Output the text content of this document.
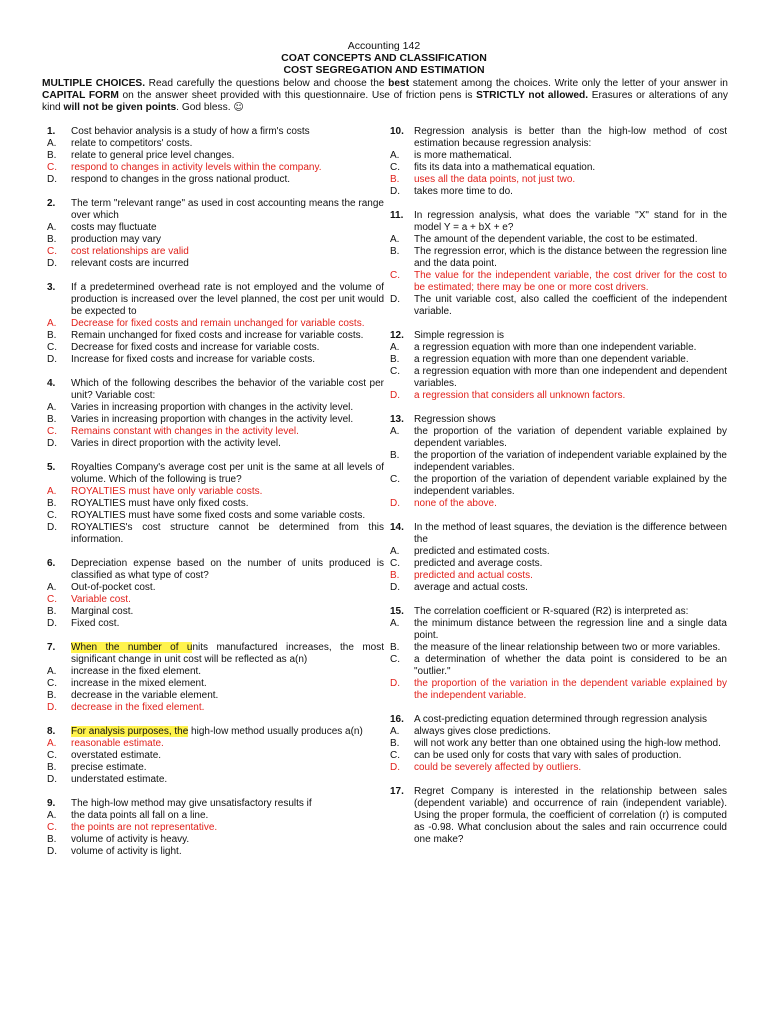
Accounting 142
COAT CONCEPTS AND CLASSIFICATION
COST SEGREGATION AND ESTIMATION
MULTIPLE CHOICES. Read carefully the questions below and choose the best statement among the choices. Write only the letter of your answer in CAPITAL FORM on the answer sheet provided with this questionnaire. Use of friction pens is STRICTLY not allowed. Erasures or alterations of any kind will not be given points. God bless. ☺
1.	Cost behavior analysis is a study of how a firm's costs
A.	relate to competitors' costs.
B.	relate to general price level changes.
C.	respond to changes in activity levels within the company.
D.	respond to changes in the gross national product.
2.	The term "relevant range" as used in cost accounting means the range over which
A.	costs may fluctuate
B.	production may vary
C.	cost relationships are valid
D.	relevant costs are incurred
3.	If a predetermined overhead rate is not employed and the volume of production is increased over the level planned, the cost per unit would be expected to
A.	Decrease for fixed costs and remain unchanged for variable costs.
B.	Remain unchanged for fixed costs and increase for variable costs.
C.	Decrease for fixed costs and increase for variable costs.
D.	Increase for fixed costs and increase for variable costs.
4.	Which of the following describes the behavior of the variable cost per unit? Variable cost:
A.	Varies in increasing proportion with changes in the activity level.
B.	Varies in increasing proportion with changes in the activity level.
C.	Remains constant with changes in the activity level.
D.	Varies in direct proportion with the activity level.
5.	Royalties Company's average cost per unit is the same at all levels of volume. Which of the following is true?
A.	ROYALTIES must have only variable costs.
B.	ROYALTIES must have only fixed costs.
C.	ROYALTIES must have some fixed costs and some variable costs.
D.	ROYALTIES's cost structure cannot be determined from this information.
6.	Depreciation expense based on the number of units produced is classified as what type of cost?
A.	Out-of-pocket cost.
C.	Variable cost.
B.	Marginal cost.
D.	Fixed cost.
7.	When the number of units manufactured increases, the most significant change in unit cost will be reflected as a(n)
A.	increase in the fixed element.
C.	increase in the mixed element.
B.	decrease in the variable element.
D.	decrease in the fixed element.
8.	For analysis purposes, the high-low method usually produces a(n)
A.	reasonable estimate.
C.	overstated estimate.
B.	precise estimate.
D.	understated estimate.
9.	The high-low method may give unsatisfactory results if
A.	the data points all fall on a line.
C.	the points are not representative.
B.	volume of activity is heavy.
D.	volume of activity is light.
10.	Regression analysis is better than the high-low method of cost estimation because regression analysis:
A.	is more mathematical.
C.	fits its data into a mathematical equation.
B.	uses all the data points, not just two.
D.	takes more time to do.
11.	In regression analysis, what does the variable "X" stand for in the model Y = a + bX + e?
A.	The amount of the dependent variable, the cost to be estimated.
B.	The regression error, which is the distance between the regression line and the data point.
C.	The value for the independent variable, the cost driver for the cost to be estimated; there may be one or more cost drivers.
D.	The unit variable cost, also called the coefficient of the independent variable.
12.	Simple regression is
A.	a regression equation with more than one independent variable.
B.	a regression equation with more than one dependent variable.
C.	a regression equation with more than one independent and dependent variables.
D.	a regression that considers all unknown factors.
13.	Regression shows
A.	the proportion of the variation of dependent variable explained by dependent variables.
B.	the proportion of the variation of independent variable explained by the independent variables.
C.	the proportion of the variation of dependent variable explained by the independent variables.
D.	none of the above.
14.	In the method of least squares, the deviation is the difference between the
A.	predicted and estimated costs.
C.	predicted and average costs.
B.	predicted and actual costs.
D.	average and actual costs.
15.	The correlation coefficient or R-squared (R2) is interpreted as:
A.	the minimum distance between the regression line and a single data point.
B.	the measure of the linear relationship between two or more variables.
C.	a determination of whether the data point is considered to be an "outlier."
D.	the proportion of the variation in the dependent variable explained by the independent variable.
16.	A cost-predicting equation determined through regression analysis
A.	always gives close predictions.
B.	will not work any better than one obtained using the high-low method.
C.	can be used only for costs that vary with sales of production.
D.	could be severely affected by outliers.
17.	Regret Company is interested in the relationship between sales (dependent variable) and occurrence of rain (independent variable). Using the proper formula, the coefficient of correlation (r) is computed as -0.98. What conclusion about the sales and rain occurrence could one make?
